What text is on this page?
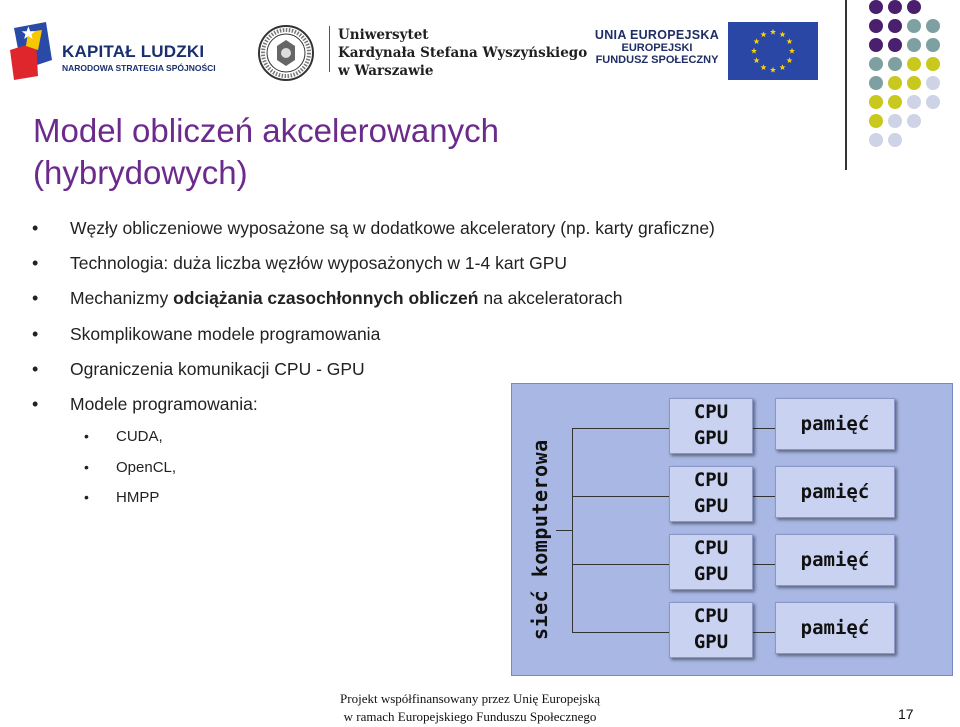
KAPITAŁ LUDZKI
NARODOWA STRATEGIA SPÓJNOŚCI
Uniwersytet
Kardynała Stefana Wyszyńskiego
w Warszawie
UNIA EUROPEJSKA
EUROPEJSKI
FUNDUSZ SPOŁECZNY
Model obliczeń akcelerowanych
(hybrydowych)
• Węzły obliczeniowe wyposażone są w dodatkowe akceleratory (np. karty graficzne)
• Technologia: duża liczba węzłów wyposażonych w 1-4 kart GPU
• Mechanizmy odciążania czasochłonnych obliczeń na akceleratorach
• Skomplikowane modele programowania
• Ograniczenia komunikacji CPU - GPU
• Modele programowania:
• CUDA,
• OpenCL,
• HMPP	sieć komputerowa
CPU
GPU
pamięć
CPU
GPU
pamięć
CPU
GPU
pamięć
CPU
GPU
pamięć
Projekt współfinansowany przez Unię Europejską
w ramach Europejskiego Funduszu Społecznego	17
